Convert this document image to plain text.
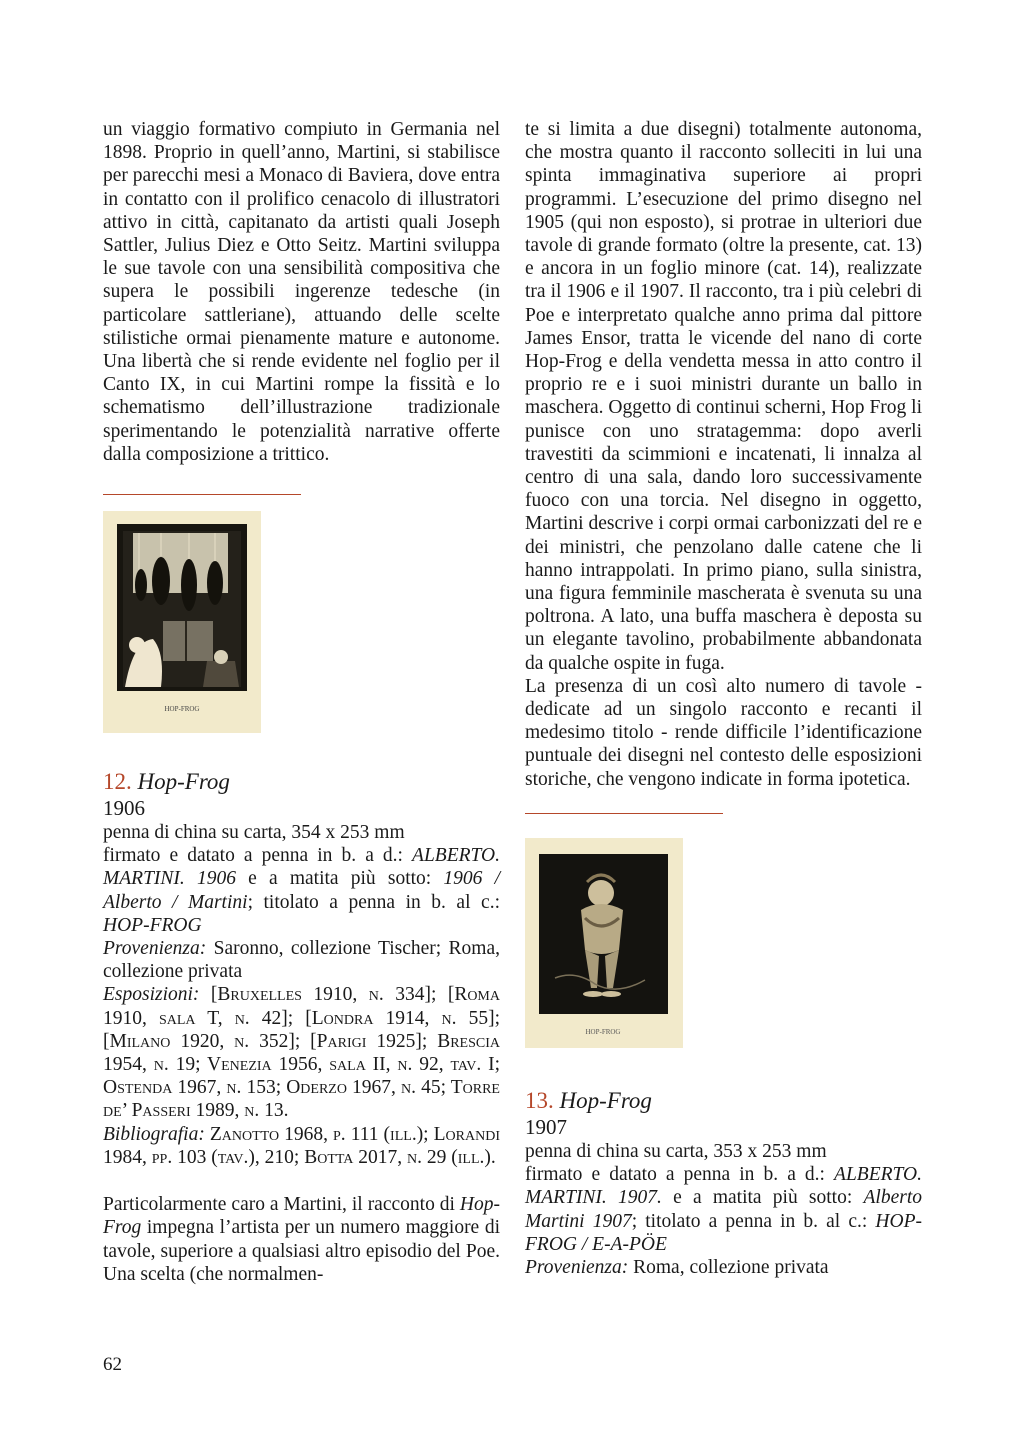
un viaggio formativo compiuto in Germania nel 1898. Proprio in quell’anno, Martini, si stabilisce per parecchi mesi a Monaco di Baviera, dove entra in contatto con il prolifico cenacolo di illustratori attivo in città, capitanato da artisti quali Joseph Sattler, Julius Diez e Otto Seitz. Martini sviluppa le sue tavole con una sensibilità compositiva che supera le possibili ingerenze tedesche (in particolare sattleriane), attuando delle scelte stilistiche ormai pienamente mature e autonome. Una libertà che si rende evidente nel foglio per il Canto IX, in cui Martini rompe la fissità e lo schematismo dell’illustrazione tradizionale sperimentando le potenzialità narrative offerte dalla composizione a trittico.

HOP-FROG
12. Hop-Frog
1906

penna di china su carta, 354 x 253 mm

firmato e datato a penna in b. a d.: ALBERTO. MARTINI. 1906 e a matita più sotto: 1906 / Alberto / Martini; titolato a penna in b. al c.: HOP-FROG

Provenienza: Saronno, collezione Tischer; Roma, collezione privata

Esposizioni: [Bruxelles 1910, n. 334]; [Roma 1910, sala T, n. 42]; [Londra 1914, n. 55]; [Milano 1920, n. 352]; [Parigi 1925]; Brescia 1954, n. 19; Venezia 1956, sala II, n. 92, tav. I; Ostenda 1967, n. 153; Oderzo 1967, n. 45; Torre de’ Passeri 1989, n. 13.

Bibliografia: Zanotto 1968, p. 111 (ill.); Lorandi 1984, pp. 103 (tav.), 210; Botta 2017, n. 29 (ill.).

Particolarmente caro a Martini, il racconto di Hop-Frog impegna l’artista per un numero maggiore di tavole, superiore a qualsiasi altro episodio del Poe. Una scelta (che normalmen-

te si limita a due disegni) totalmente autonoma, che mostra quanto il racconto solleciti in lui una spinta immaginativa superiore ai propri programmi. L’esecuzione del primo disegno nel 1905 (qui non esposto), si protrae in ulteriori due tavole di grande formato (oltre la presente, cat. 13) e ancora in un foglio minore (cat. 14), realizzate tra il 1906 e il 1907. Il racconto, tra i più celebri di Poe e interpretato qualche anno prima dal pittore James Ensor, tratta le vicende del nano di corte Hop-Frog e della vendetta messa in atto contro il proprio re e i suoi ministri durante un ballo in maschera. Oggetto di continui scherni, Hop Frog li punisce con uno stratagemma: dopo averli travestiti da scimmioni e incatenati, li innalza al centro di una sala, dando loro successivamente fuoco con una torcia. Nel disegno in oggetto, Martini descrive i corpi ormai carbonizzati del re e dei ministri, che penzolano dalle catene che li hanno intrappolati. In primo piano, sulla sinistra, una figura femminile mascherata è svenuta su una poltrona. A lato, una buffa maschera è deposta su un elegante tavolino, probabilmente abbandonata da qualche ospite in fuga.

La presenza di un così alto numero di tavole - dedicate ad un singolo racconto e recanti il medesimo titolo - rende difficile l’identificazione puntuale dei disegni nel contesto delle esposizioni storiche, che vengono indicate in forma ipotetica.

HOP-FROG
13. Hop-Frog
1907

penna di china su carta, 353 x 253 mm

firmato e datato a penna in b. a d.: ALBERTO. MARTINI. 1907. e a matita più sotto: Alberto Martini 1907; titolato a penna in b. al c.: HOP-FROG / E-A-PÖE

Provenienza: Roma, collezione privata

62
